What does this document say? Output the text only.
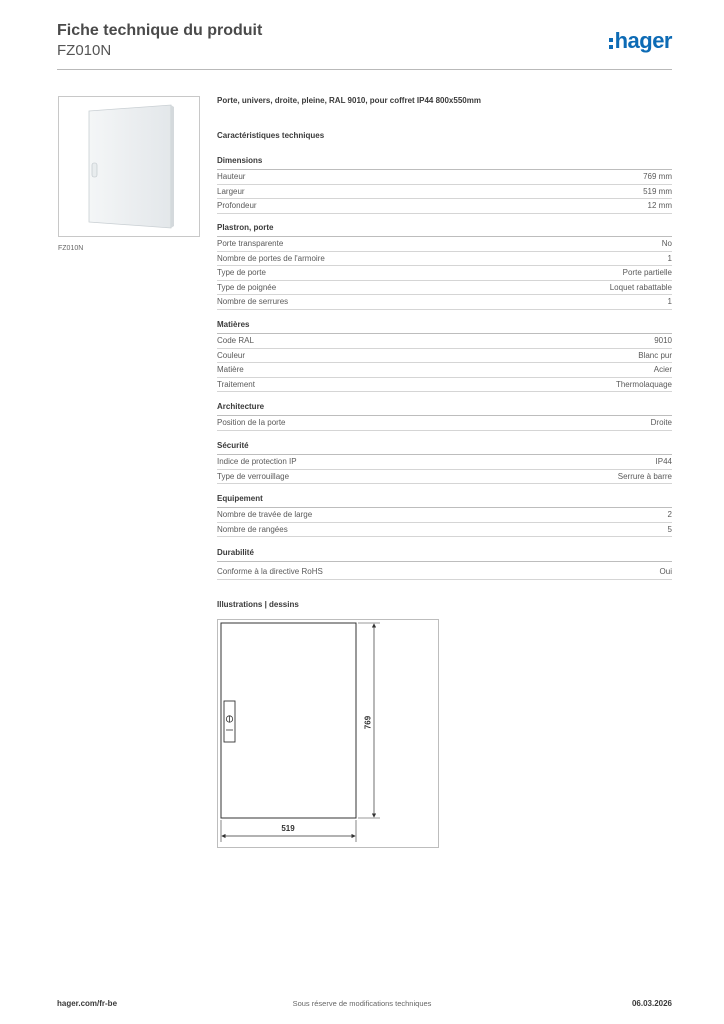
Fiche technique du produit
FZ010N	hager
FZ010N
Porte, univers, droite, pleine, RAL 9010, pour coffret IP44 800x550mm
Caractéristiques techniques
Dimensions
Hauteur	769 mm
Largeur	519 mm
Profondeur	12 mm
Plastron, porte
Porte transparente	No
Nombre de portes de l'armoire	1
Type de porte	Porte partielle
Type de poignée	Loquet rabattable
Nombre de serrures	1
Matières
Code RAL	9010
Couleur	Blanc pur
Matière	Acier
Traitement	Thermolaquage
Architecture
Position de la porte	Droite
Sécurité
Indice de protection IP	IP44
Type de verrouillage	Serrure à barre
Equipement
Nombre de travée de large	2
Nombre de rangées	5
Durabilité
Conforme à la directive RoHS	Oui
Illustrations | dessins
769
519
hager.com/fr-be	Sous réserve de modifications techniques	06.03.2026
